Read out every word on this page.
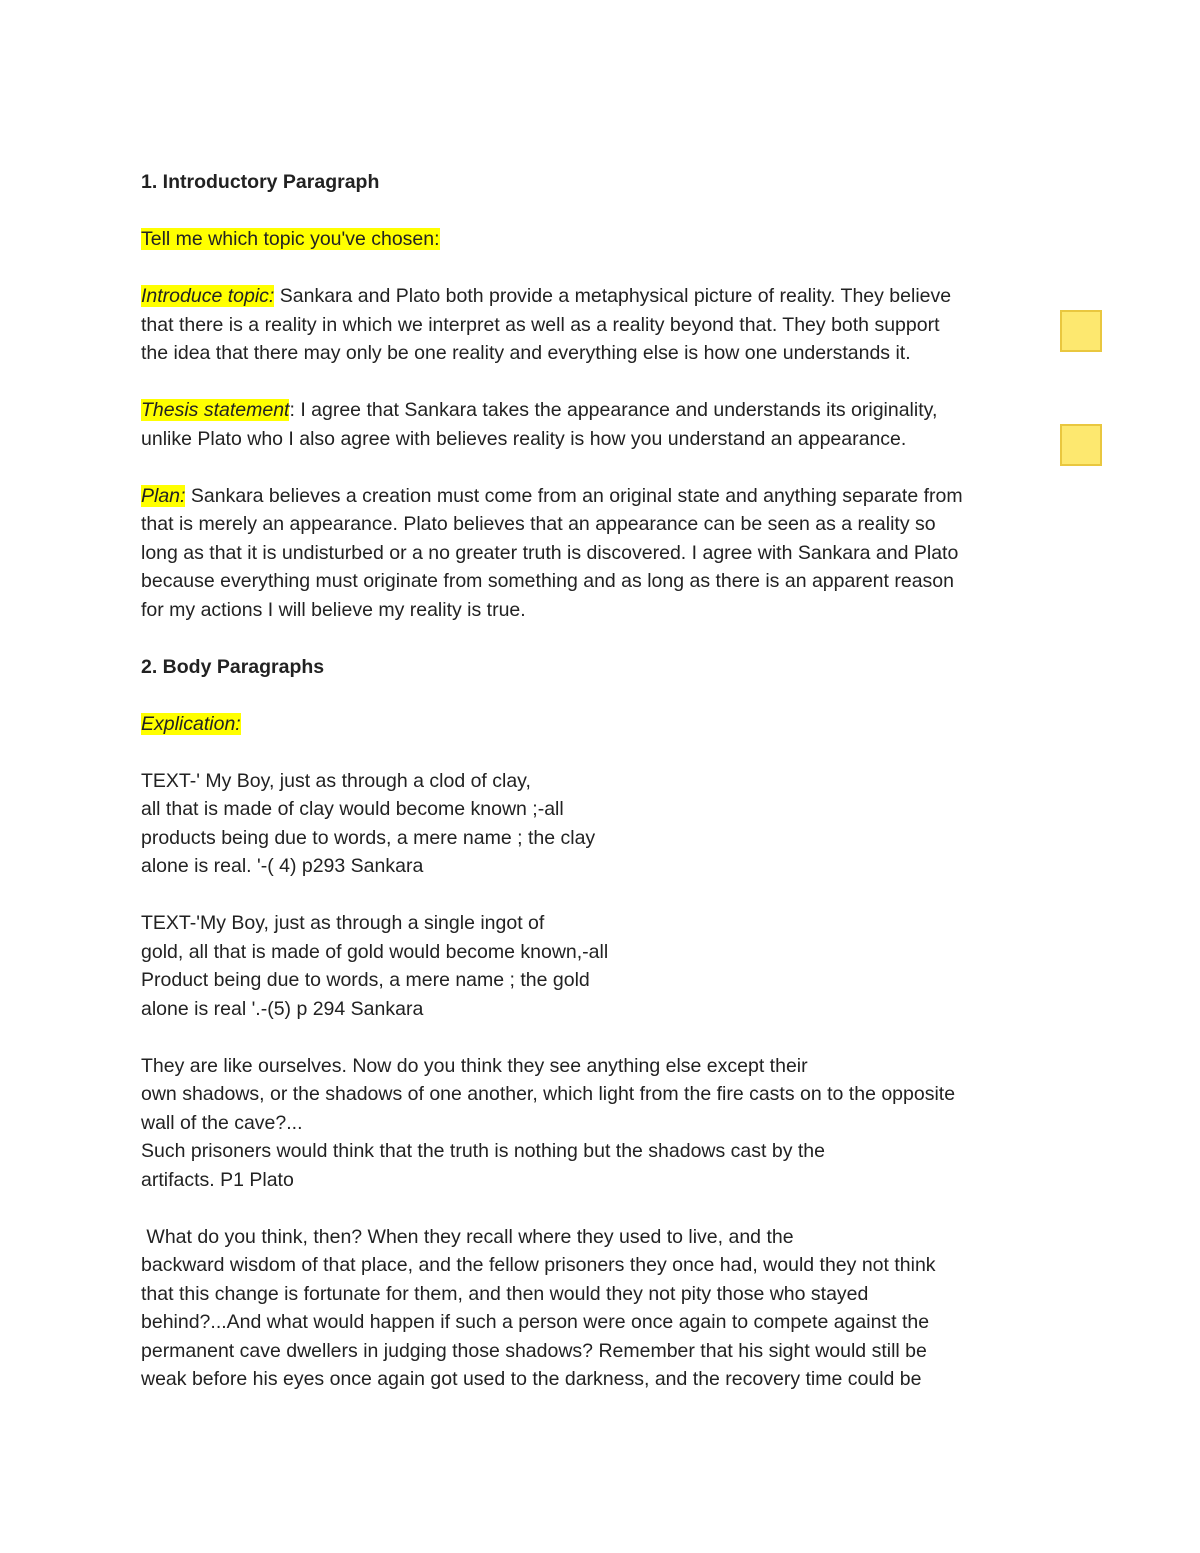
1. Introductory Paragraph

Tell me which topic you've chosen:

Introduce topic: Sankara and Plato both provide a metaphysical picture of reality. They believe

that there is a reality in which we interpret as well as a reality beyond that. They both support

the idea that there may only be one reality and everything else is how one understands it.

Thesis statement: I agree that Sankara takes the appearance and understands its originality,

unlike Plato who I also agree with believes reality is how you understand an appearance.

Plan: Sankara believes a creation must come from an original state and anything separate from

that is merely an appearance. Plato believes that an appearance can be seen as a reality so

long as that it is undisturbed or a no greater truth is discovered. I agree with Sankara and Plato

because everything must originate from something and as long as there is an apparent reason

for my actions I will believe my reality is true.

2. Body Paragraphs

Explication:

TEXT-' My Boy, just as through a clod of clay,

all that is made of clay would become known ;-all

products being due to words, a mere name ; the clay

alone is real. '-( 4) p293 Sankara

TEXT-'My Boy, just as through a single ingot of

gold, all that is made of gold would become known,-all

Product being due to words, a mere name ; the gold

alone is real '.-(5) p 294 Sankara

They are like ourselves. Now do you think they see anything else except their

own shadows, or the shadows of one another, which light from the fire casts on to the opposite

wall of the cave?...

Such prisoners would think that the truth is nothing but the shadows cast by the

artifacts. P1 Plato

What do you think, then? When they recall where they used to live, and the

backward wisdom of that place, and the fellow prisoners they once had, would they not think

that this change is fortunate for them, and then would they not pity those who stayed

behind?...And what would happen if such a person were once again to compete against the

permanent cave dwellers in judging those shadows? Remember that his sight would still be

weak before his eyes once again got used to the darkness, and the recovery time could be
